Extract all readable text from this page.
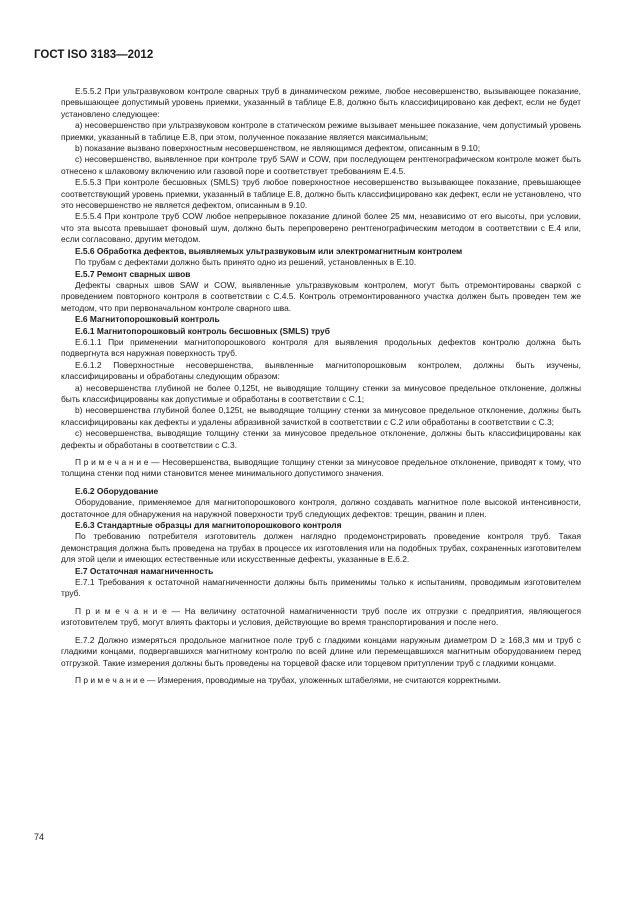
ГОСТ ISO 3183—2012

Е.5.5.2 При ультразвуковом контроле сварных труб в динамическом режиме, любое несовершенство, вызывающее показание, превышающее допустимый уровень приемки, указанный в таблице Е.8, должно быть классифицировано как дефект, если не будет установлено следующее:

а) несовершенство при ультразвуковом контроле в статическом режиме вызывает меньшее показание, чем допустимый уровень приемки, указанный в таблице Е.8, при этом, полученное показание является максимальным;

b) показание вызвано поверхностным несовершенством, не являющимся дефектом, описанным в 9.10;

с) несовершенство, выявленное при контроле труб SAW и COW, при последующем рентгенографическом контроле может быть отнесено к шлаковому включению или газовой поре и соответствует требованиям Е.4.5.

Е.5.5.3 При контроле бесшовных (SMLS) труб любое поверхностное несовершенство вызывающее показание, превышающее соответствующий уровень приемки, указанный в таблице Е.8, должно быть классифицировано как дефект, если не установлено, что это несовершенство не является дефектом, описанным в 9.10.

Е.5.5.4 При контроле труб COW любое непрерывное показание длиной более 25 мм, независимо от его высоты, при условии, что эта высота превышает фоновый шум, должно быть перепроверено рентгенографическим методом в соответствии с Е.4 или, если согласовано, другим методом.

Е.5.6 Обработка дефектов, выявляемых ультразвуковым или электромагнитным контролем

По трубам с дефектами должно быть принято одно из решений, установленных в Е.10.

Е.5.7 Ремонт сварных швов

Дефекты сварных швов SAW и COW, выявленные ультразвуковым контролем, могут быть отремонтированы сваркой с проведением повторного контроля в соответствии с С.4.5. Контроль отремонтированного участка должен быть проведен тем же методом, что при первоначальном контроле сварного шва.

Е.6 Магнитопорошковый контроль

Е.6.1 Магнитопорошковый контроль бесшовных (SMLS) труб

Е.6.1.1 При применении магнитопорошкового контроля для выявления продольных дефектов контролю должна быть подвергнута вся наружная поверхность труб.

Е.6.1.2 Поверхностные несовершенства, выявленные магнитопорошковым контролем, должны быть изучены, классифицированы и обработаны следующим образом:

а) несовершенства глубиной не более 0,125t, не выводящие толщину стенки за минусовое предельное отклонение, должны быть классифицированы как допустимые и обработаны в соответствии с С.1;

b) несовершенства глубиной более 0,125t, не выводящие толщину стенки за минусовое предельное отклонение, должны быть классифицированы как дефекты и удалены абразивной зачисткой в соответствии с С.2 или обработаны в соответствии с С.3;

с) несовершенства, выводящие толщину стенки за минусовое предельное отклонение, должны быть классифицированы как дефекты и обработаны в соответствии с С.3.

П р и м е ч а н и е — Несовершенства, выводящие толщину стенки за минусовое предельное отклонение, приводят к тому, что толщина стенки под ними становится менее минимального допустимого значения.

Е.6.2 Оборудование

Оборудование, применяемое для магнитопорошкового контроля, должно создавать магнитное поле высокой интенсивности, достаточное для обнаружения на наружной поверхности труб следующих дефектов: трещин, рванин и плен.

Е.6.3 Стандартные образцы для магнитопорошкового контроля

По требованию потребителя изготовитель должен наглядно продемонстрировать проведение контроля труб. Такая демонстрация должна быть проведена на трубах в процессе их изготовления или на подобных трубах, сохраненных изготовителем для этой цели и имеющих естественные или искусственные дефекты, указанные в Е.6.2.

Е.7 Остаточная намагниченность

Е.7.1 Требования к остаточной намагниченности должны быть применимы только к испытаниям, проводимым изготовителем труб.

П р и м е ч а н и е — На величину остаточной намагниченности труб после их отгрузки с предприятия, являющегося изготовителем труб, могут влиять факторы и условия, действующие во время транспортирования и после него.

Е.7.2 Должно измеряться продольное магнитное поле труб с гладкими концами наружным диаметром D ≥ 168,3 мм и труб с гладкими концами, подвергавшихся магнитному контролю по всей длине или перемещавшихся магнитным оборудованием перед отгрузкой. Такие измерения должны быть проведены на торцевой фаске или торцевом притуплении труб с гладкими концами.

П р и м е ч а н и е — Измерения, проводимые на трубах, уложенных штабелями, не считаются корректными.

74
